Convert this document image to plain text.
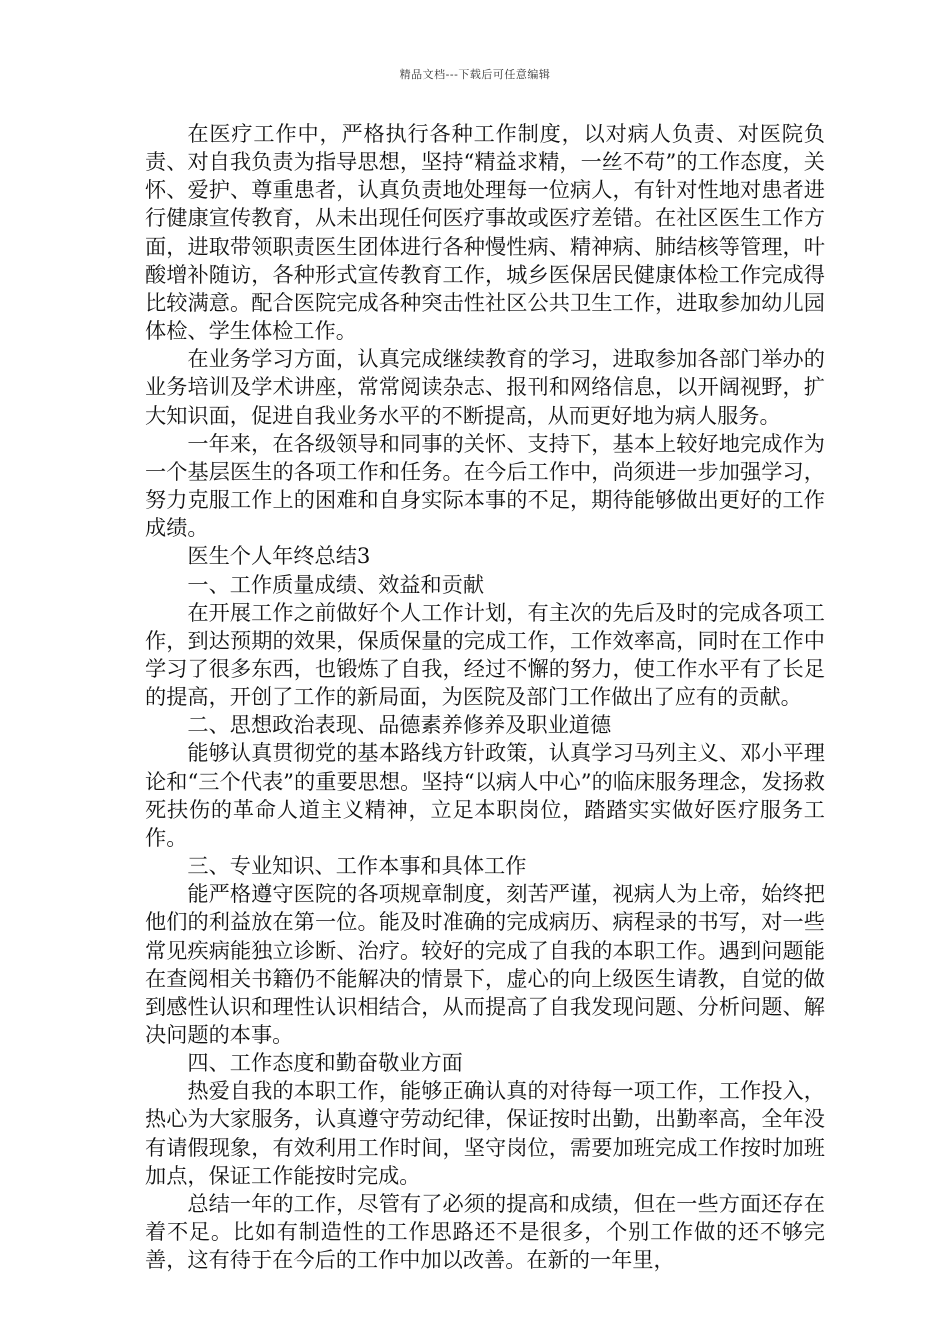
精品文档---下载后可任意编辑

在医疗工作中，严格执行各种工作制度，以对病人负责、对医院负责、对自我负责为指导思想，坚持“精益求精，一丝不苟”的工作态度，关怀、爱护、尊重患者，认真负责地处理每一位病人，有针对性地对患者进行健康宣传教育，从未出现任何医疗事故或医疗差错。在社区医生工作方面，进取带领职责医生团体进行各种慢性病、精神病、肺结核等管理，叶酸增补随访，各种形式宣传教育工作，城乡医保居民健康体检工作完成得比较满意。配合医院完成各种突击性社区公共卫生工作，进取参加幼儿园体检、学生体检工作。

在业务学习方面，认真完成继续教育的学习，进取参加各部门举办的业务培训及学术讲座，常常阅读杂志、报刊和网络信息，以开阔视野，扩大知识面，促进自我业务水平的不断提高，从而更好地为病人服务。

一年来，在各级领导和同事的关怀、支持下，基本上较好地完成作为一个基层医生的各项工作和任务。在今后工作中，尚须进一步加强学习，努力克服工作上的困难和自身实际本事的不足，期待能够做出更好的工作成绩。

医生个人年终总结3

一、工作质量成绩、效益和贡献

在开展工作之前做好个人工作计划，有主次的先后及时的完成各项工作，到达预期的效果，保质保量的完成工作，工作效率高，同时在工作中学习了很多东西，也锻炼了自我，经过不懈的努力，使工作水平有了长足的提高，开创了工作的新局面，为医院及部门工作做出了应有的贡献。

二、思想政治表现、品德素养修养及职业道德

能够认真贯彻党的基本路线方针政策，认真学习马列主义、邓小平理论和“三个代表”的重要思想。坚持“以病人中心”的临床服务理念，发扬救死扶伤的革命人道主义精神，立足本职岗位，踏踏实实做好医疗服务工作。

三、专业知识、工作本事和具体工作

能严格遵守医院的各项规章制度，刻苦严谨，视病人为上帝，始终把他们的利益放在第一位。能及时准确的完成病历、病程录的书写，对一些常见疾病能独立诊断、治疗。较好的完成了自我的本职工作。遇到问题能在查阅相关书籍仍不能解决的情景下，虚心的向上级医生请教，自觉的做到感性认识和理性认识相结合，从而提高了自我发现问题、分析问题、解决问题的本事。

四、工作态度和勤奋敬业方面

热爱自我的本职工作，能够正确认真的对待每一项工作，工作投入，热心为大家服务，认真遵守劳动纪律，保证按时出勤，出勤率高，全年没有请假现象，有效利用工作时间，坚守岗位，需要加班完成工作按时加班加点，保证工作能按时完成。

总结一年的工作，尽管有了必须的提高和成绩，但在一些方面还存在着不足。比如有制造性的工作思路还不是很多，个别工作做的还不够完善，这有待于在今后的工作中加以改善。在新的一年里，
